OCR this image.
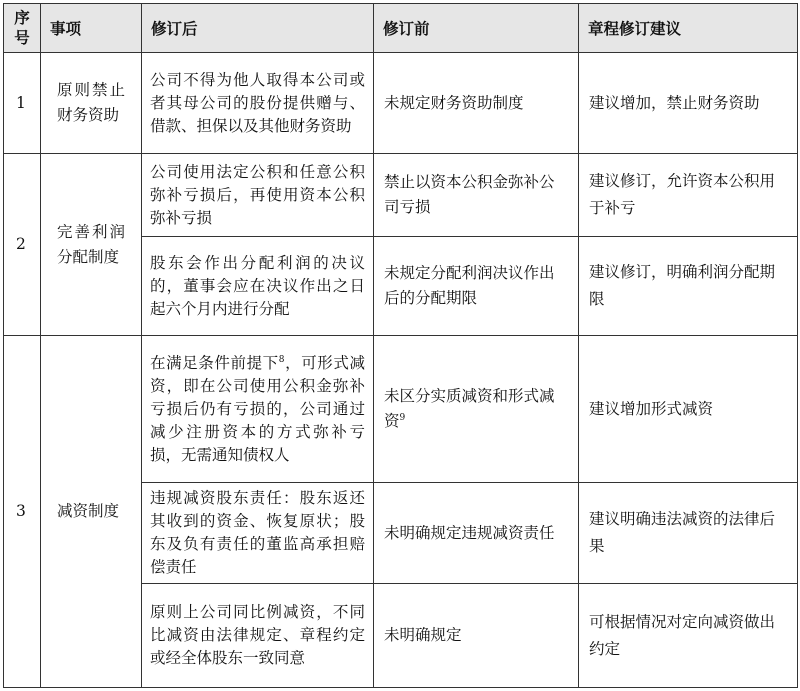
序号	事项	修订后	修订前	章程修订建议
1	原则禁止财务资助	公司不得为他人取得本公司或者其母公司的股份提供赠与、借款、担保以及其他财务资助	未规定财务资助制度	建议增加，禁止财务资助
2	完善利润分配制度	公司使用法定公积和任意公积弥补亏损后，再使用资本公积弥补亏损	禁止以资本公积金弥补公司亏损	建议修订，允许资本公积用于补亏
		股东会作出分配利润的决议的，董事会应在决议作出之日起六个月内进行分配	未规定分配利润决议作出后的分配期限	建议修订，明确利润分配期限
3	减资制度	在满足条件前提下$^8$，可形式减资，即在公司使用公积金弥补亏损后仍有亏损的，公司通过减少注册资本的方式弥补亏损，无需通知债权人	未区分实质减资和形式减资$^9$	建议增加形式减资
		违规减资股东责任：股东返还其收到的资金、恢复原状；股东及负有责任的董监高承担赔偿责任	未明确规定违规减资责任	建议明确违法减资的法律后果
		原则上公司同比例减资，不同比减资由法律规定、章程约定或经全体股东一致同意	未明确规定	可根据情况对定向减资做出约定
